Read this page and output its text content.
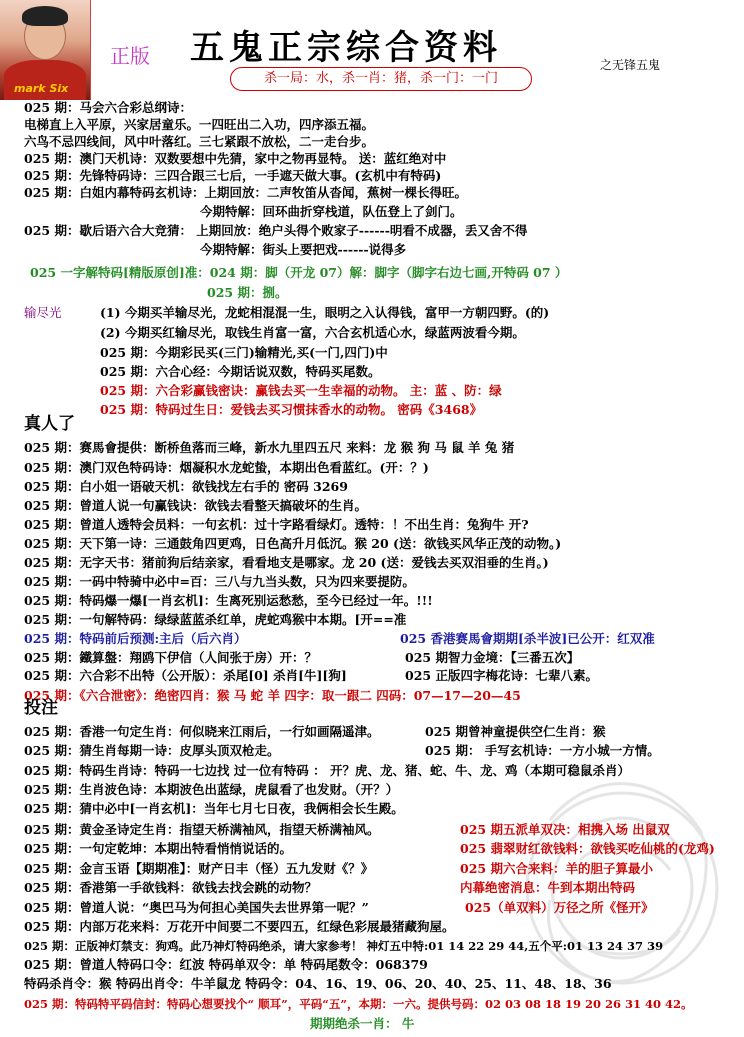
mark Six
正版 五鬼正宗综合资料
杀一局：水，杀一肖：猪，杀一门：一门
之无锋五鬼
025 期：马会六合彩总纲诗：
电梯直上入平原，兴家居童乐。一四旺出二入功，四序添五福。
六鸟不忌四线间，风中叶落红。三七紧跟不放松，二一走台步。
025 期：澳门天机诗：双数要想中先猜，家中之物再显特。 送：蓝红绝对中
025 期：先锋特码诗：三四合跟三七后，一手遮天做大事。(玄机中有特码)
025 期：白姐内幕特码玄机诗：上期回放：二声牧笛从沓闻，蕉树一棵长得旺。
今期特解：回环曲折穿栈道，队伍登上了剑门。
025 期：歇后语六合大竞猜： 上期回放：绝户头得个败家子------明看不成器，丢又舍不得
今期特解：街头上要把戏------说得多
025 一字解特码[精版原创]准：024 期：脚（开龙 07）解：脚字（脚字右边七画,开特码 07 ）
025 期：捌。
输尽光	(1) 今期买羊输尽光，龙蛇相混混一生，眼明之入认得钱，富甲一方朝四野。(的)
(2) 今期买红输尽光，取钱生肖富一富，六合玄机适心水，绿蓝两波看今期。
025 期：今期彩民买(三门)输精光,买(一门,四门)中
025 期：六合心经：今期话说双数，特码买尾数。
025 期：六合彩赢钱密诀：赢钱去买一生幸福的动物。 主：蓝 、防：绿
025 期：特码过生日：爱钱去买习惯抹香水的动物。 密码《3468》
真人了
025 期：赛馬會提供：断桥鱼落而三峰，新水九里四五尺 来料：龙 猴 狗 马 鼠 羊 兔 猪
025 期：澳门双色特码诗：烟凝积水龙蛇蛰，本期出色看蓝红。(开：？)
025 期：白小姐一语破天机：欲钱找左右手的 密码 3269
025 期：曾道人说一句赢钱诀：欲钱去看整天搞破坏的生肖。
025 期：曾道人透特会员料：一句玄机：过十字路看绿灯。透特：！不出生肖：兔狗牛 开?
025 期：天下第一诗：三通鼓角四更鸡，日色高升月低沉。猴 20 (送：欲钱买风华正茂的动物。)
025 期：无字天书：猪前狗后结亲家，看看地支是哪家。龙 20 (送：爱钱去买双泪垂的生肖。)
025 期：一码中特骑中必中=百：三八与九当头数，只为四来要提防。
025 期：特码爆一爆[一肖玄机]：生离死别运愁愁，至今已经过一年。!!!
025 期：一句解特码：绿绿蓝蓝杀红单，虎蛇鸡猴中本期。[开==准
025 期：特码前后预测:主后（后六肖）	025 香港赛馬會期期[杀半波]已公开：红双准
025 期：鐵算盤：翔鸥下伊信（人间张于房）开：？	025 期智力金境：【三番五次】
025 期：六合彩不出特（公开版）：杀尾[0] 杀肖[牛][狗]	025 正版四字梅花诗：七辈八素。
025 期：《六合泄密》：绝密四肖：猴 马 蛇 羊 四字：取一跟二 四码：07—17—20—45
投注
025 期：香港一句定生肖：何似晓来江雨后，一行如画隔遥津。	025 期曾神童提供空仁生肖：猴
025 期：猜生肖每期一诗：皮厚头顶双枪走。	025 期： 手写玄机诗：一方小城一方情。
025 期：特码生肖诗：特码一七边找 过一位有特码 ： 开？虎、龙、猪、蛇、牛、龙、鸡（本期可稳鼠杀肖）
025 期：生肖波色诗：本期波色出蓝绿，虎鼠看了也发财。（开？）
025 期：猜中必中[一肖玄机]：当年七月七日夜，我俩相会长生殿。
025 期：黄金圣诗定生肖：指望天桥满袖风，指望天桥满袖风。	025 期五派单双决：相携入场 出鼠双
025 期：一句定乾坤：本期出特看悄悄说话的。	025 翡翠财红欲钱料：欲钱买吃仙桃的(龙鸡)
025 期：金言玉语【期期准】：财产日丰（怪）五九发财《？》	025 期六合来料：羊的胆子算最小
025 期：香港第一手欲钱料：欲钱去找会跳的动物？	内幕绝密消息：牛到本期出特码
025 期：曾道人说：“奥巴马为何担心美国失去世界第一呢？”	025（单双料）万径之所《怪开》
025 期：内部万花来料：万花开中间要二不要四五，红绿色彩展最猪藏狗屋。
025 期：正版神灯禁支：狗鸡。此乃神灯特码绝杀，请大家参考！ 神灯五中特:01 14 22 29 44,五个平:01 13 24 37 39
025 期：曾道人特码口令：红波 特码单双令：单 特码尾数令：068379
特码杀肖令：猴 特码出肖令：牛羊鼠龙 特码令：04、16、19、06、20、40、25、11、48、18、36
025 期：特码特平码信封：特码心想要找个“ 顺耳”，平码“五”，本期：一六。提供号码：02 03 08 18 19 20 26 31 40 42。
期期绝杀一肖： 牛
